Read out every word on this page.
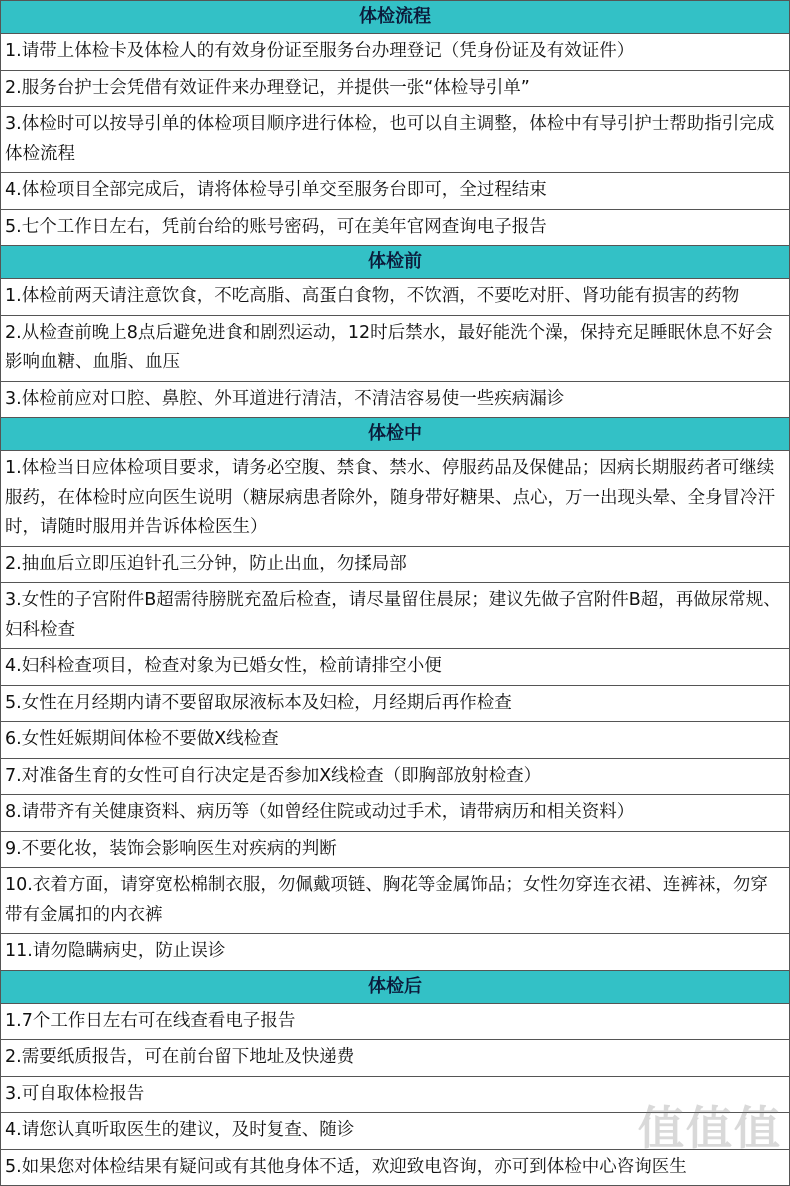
体检流程
1.请带上体检卡及体检人的有效身份证至服务台办理登记（凭身份证及有效证件）
2.服务台护士会凭借有效证件来办理登记，并提供一张“体检导引单”
3.体检时可以按导引单的体检项目顺序进行体检，也可以自主调整，体检中有导引护士帮助指引完成体检流程
4.体检项目全部完成后，请将体检导引单交至服务台即可，全过程结束
5.七个工作日左右，凭前台给的账号密码，可在美年官网查询电子报告
体检前
1.体检前两天请注意饮食，不吃高脂、高蛋白食物，不饮酒，不要吃对肝、肾功能有损害的药物
2.从检查前晚上8点后避免进食和剧烈运动，12时后禁水，最好能洗个澡，保持充足睡眠休息不好会影响血糖、血脂、血压
3.体检前应对口腔、鼻腔、外耳道进行清洁，不清洁容易使一些疾病漏诊
体检中
1.体检当日应体检项目要求，请务必空腹、禁食、禁水、停服药品及保健品；因病长期服药者可继续服药，在体检时应向医生说明（糖尿病患者除外，随身带好糖果、点心，万一出现头晕、全身冒冷汗时，请随时服用并告诉体检医生）
2.抽血后立即压迫针孔三分钟，防止出血，勿揉局部
3.女性的子宫附件B超需待膀胱充盈后检查，请尽量留住晨尿；建议先做子宫附件B超，再做尿常规、妇科检查
4.妇科检查项目，检查对象为已婚女性，检前请排空小便
5.女性在月经期内请不要留取尿液标本及妇检，月经期后再作检查
6.女性妊娠期间体检不要做X线检查
7.对准备生育的女性可自行决定是否参加X线检查（即胸部放射检查）
8.请带齐有关健康资料、病历等（如曾经住院或动过手术，请带病历和相关资料）
9.不要化妆，装饰会影响医生对疾病的判断
10.衣着方面，请穿宽松棉制衣服，勿佩戴项链、胸花等金属饰品；女性勿穿连衣裙、连裤袜，勿穿带有金属扣的内衣裤
11.请勿隐瞒病史，防止误诊
体检后
1.7个工作日左右可在线查看电子报告
2.需要纸质报告，可在前台留下地址及快递费
3.可自取体检报告
4.请您认真听取医生的建议，及时复查、随诊
5.如果您对体检结果有疑问或有其他身体不适，欢迎致电咨询，亦可到体检中心咨询医生
值值值
